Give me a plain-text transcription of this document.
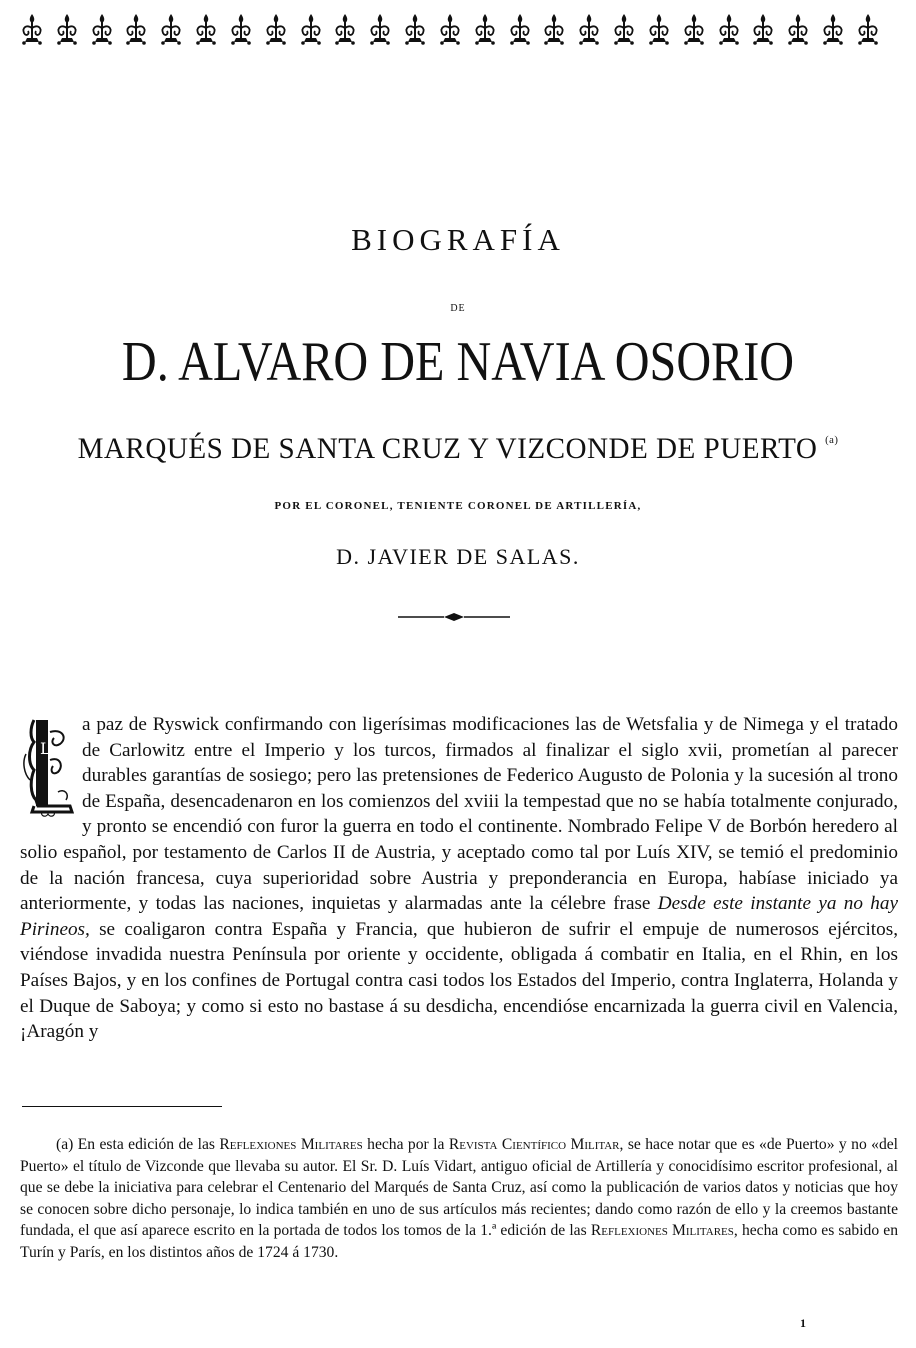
BIOGRAFÍA
DE
D. ALVARO DE NAVIA OSORIO
MARQUÉS DE SANTA CRUZ Y VIZCONDE DE PUERTO $^{(a)}$
POR EL CORONEL, TENIENTE CORONEL DE ARTILLERÍA,
D. JAVIER DE SALAS.
L
a paz de Ryswick confirmando con ligerísimas modificaciones las de Wetsfalia y de Nimega y el tratado de Carlowitz entre el Imperio y los turcos, firmados al finalizar el siglo xvii, prometían al parecer durables garantías de sosiego; pero las pretensiones de Federico Augusto de Polonia y la sucesión al trono de España, desencadenaron en los comienzos del xviii la tempestad que no se había totalmente conjurado, y pronto se encendió con furor la guerra en todo el continente. Nombrado Felipe V de Borbón heredero al solio español, por testamento de Carlos II de Austria, y aceptado como tal por Luís XIV, se temió el predominio de la nación francesa, cuya superioridad sobre Austria y preponderancia en Europa, habíase iniciado ya anteriormente, y todas las naciones, inquietas y alarmadas ante la célebre frase Desde este instante ya no hay Pirineos, se coaligaron contra España y Francia, que hubieron de sufrir el empuje de numerosos ejércitos, viéndose invadida nuestra Península por oriente y occidente, obligada á combatir en Italia, en el Rhin, en los Países Bajos, y en los confines de Portugal contra casi todos los Estados del Imperio, contra Inglaterra, Holanda y el Duque de Saboya; y como si esto no bastase á su desdicha, encendióse encarnizada la guerra civil en Valencia, ¡Aragón y
(a) En esta edición de las Reflexiones Militares hecha por la Revista Científico Militar, se hace notar que es «de Puerto» y no «del Puerto» el título de Vizconde que llevaba su autor. El Sr. D. Luís Vidart, antiguo oficial de Artillería y conocidísimo escritor profesional, al que se debe la iniciativa para celebrar el Centenario del Marqués de Santa Cruz, así como la publicación de varios datos y noticias que hoy se conocen sobre dicho personaje, lo indica también en uno de sus artículos más recientes; dando como razón de ello y la creemos bastante fundada, el que así aparece escrito en la portada de todos los tomos de la 1.ª edición de las Reflexiones Militares, hecha como es sabido en Turín y París, en los distintos años de 1724 á 1730.
1
